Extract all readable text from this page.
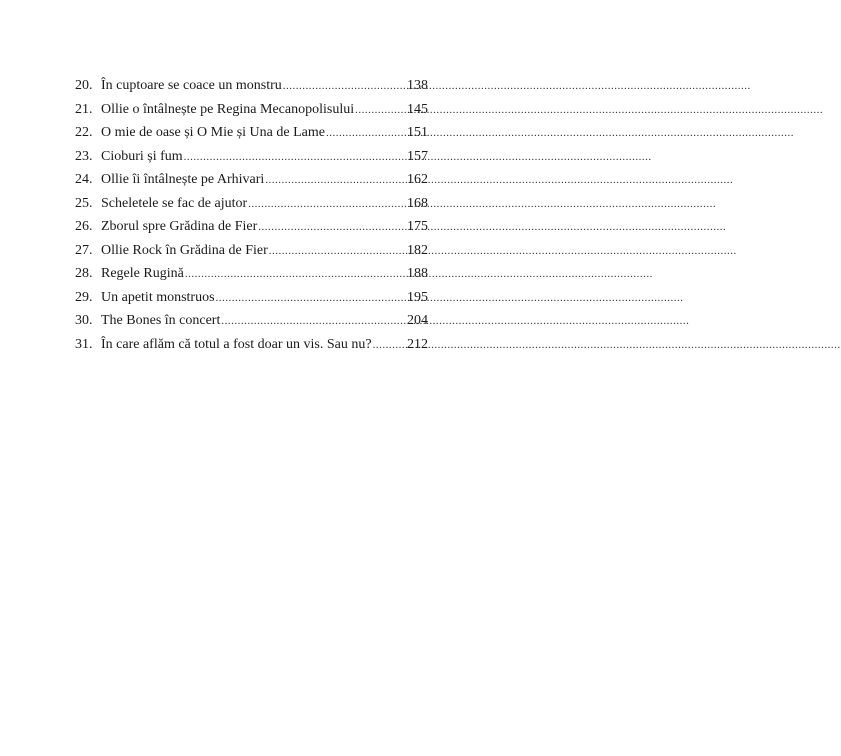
20. În cuptoare se coace un monstru .....	138
21. Ollie o întâlnește pe Regina Mecanopolisului .....	145
22. O mie de oase și O Mie și Una de Lame .....	151
23. Cioburi și fum .....	157
24. Ollie îi întâlnește pe Arhivari .....	162
25. Scheletele se fac de ajutor .....	168
26. Zborul spre Grădina de Fier .....	175
27. Ollie Rock în Grădina de Fier .....	182
28. Regele Rugină .....	188
29. Un apetit monstruos .....	195
30. The Bones în concert .....	204
31. În care aflăm că totul a fost doar un vis. Sau nu? .....	212
